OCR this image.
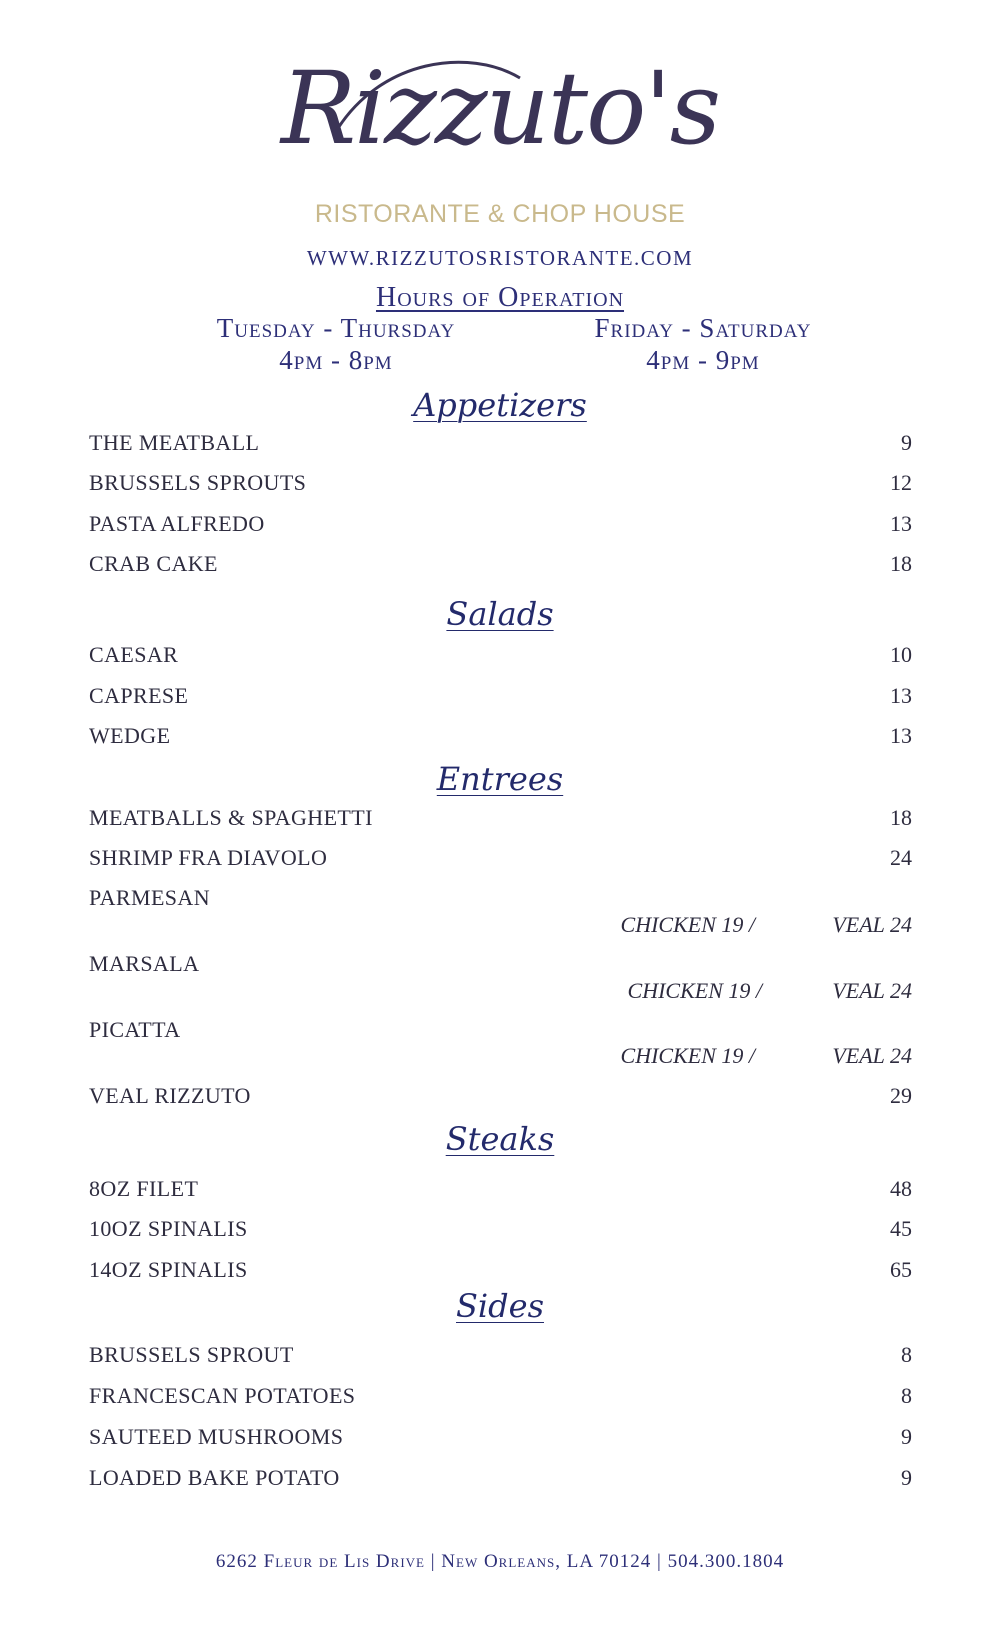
Rizzuto's
RISTORANTE & CHOP HOUSE
WWW.RIZZUTOSRISTORANTE.COM
Hours of Operation
Tuesday - Thursday
4pm - 8pm
Friday - Saturday
4pm - 9pm
Appetizers
THE MEATBALL	9
BRUSSELS SPROUTS	12
PASTA ALFREDO	13
CRAB CAKE	18
Salads
CAESAR	10
CAPRESE	13
WEDGE	13
Entrees
MEATBALLS & SPAGHETTI	18
SHRIMP FRA DIAVOLO	24
PARMESAN
CHICKEN 19 /	VEAL 24
MARSALA
CHICKEN 19 /	VEAL 24
PICATTA
CHICKEN 19 /	VEAL 24
VEAL RIZZUTO	29
Steaks
8OZ FILET	48
10OZ SPINALIS	45
14OZ SPINALIS	65
Sides
BRUSSELS SPROUT	8
FRANCESCAN POTATOES	8
SAUTEED MUSHROOMS	9
LOADED BAKE POTATO	9
6262 Fleur de Lis Drive | New Orleans, LA 70124 | 504.300.1804
